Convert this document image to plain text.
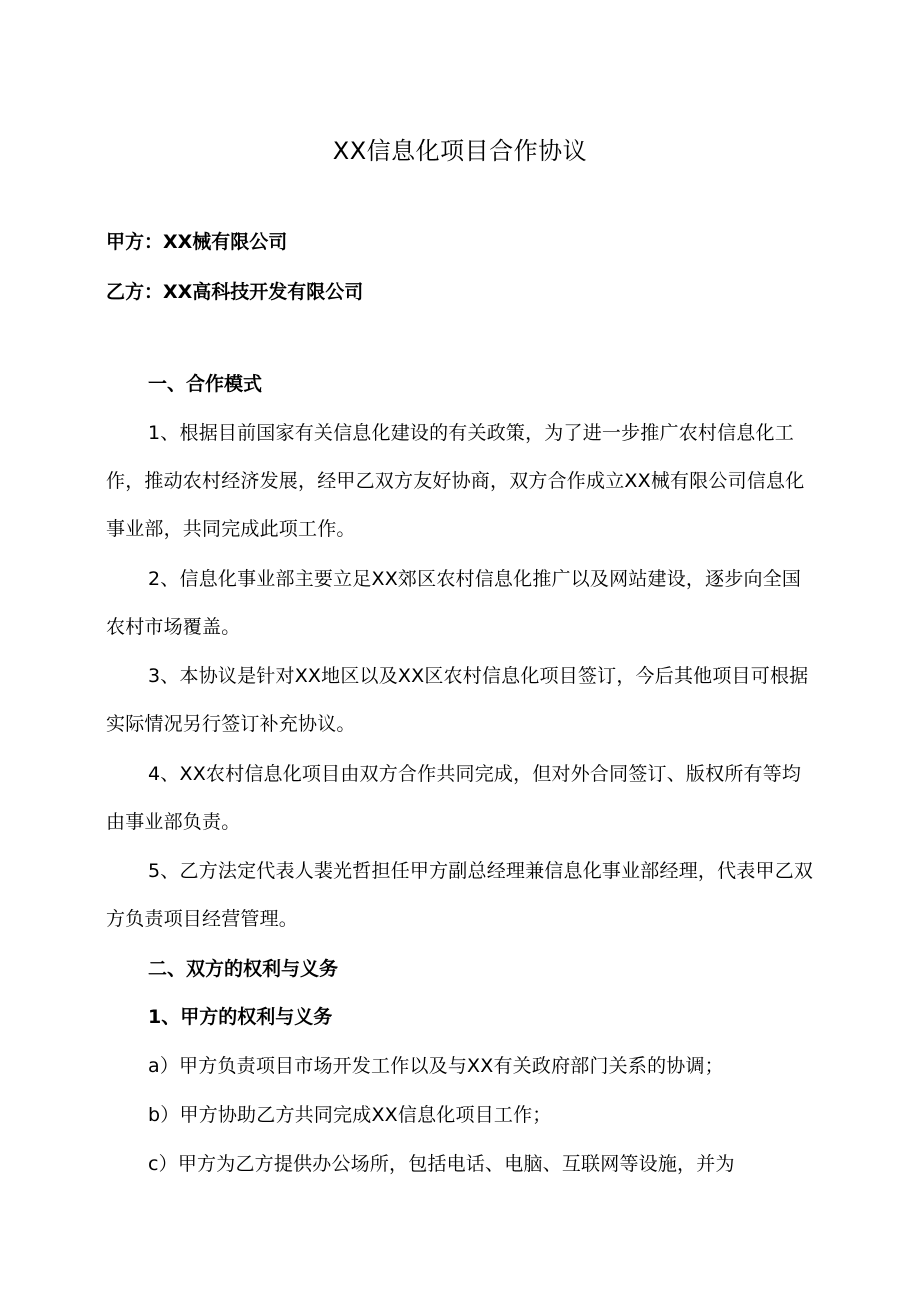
XX信息化项目合作协议
甲方：XX械有限公司
乙方：XX高科技开发有限公司
一、合作模式
1、根据目前国家有关信息化建设的有关政策，为了进一步推广农村信息化工作，推动农村经济发展，经甲乙双方友好协商，双方合作成立XX械有限公司信息化事业部，共同完成此项工作。
2、信息化事业部主要立足XX郊区农村信息化推广以及网站建设，逐步向全国农村市场覆盖。
3、本协议是针对XX地区以及XX区农村信息化项目签订，今后其他项目可根据实际情况另行签订补充协议。
4、XX农村信息化项目由双方合作共同完成，但对外合同签订、版权所有等均由事业部负责。
5、乙方法定代表人裴光哲担任甲方副总经理兼信息化事业部经理，代表甲乙双方负责项目经营管理。
二、双方的权利与义务
1、甲方的权利与义务
a）甲方负责项目市场开发工作以及与XX有关政府部门关系的协调；
b）甲方协助乙方共同完成XX信息化项目工作；
c）甲方为乙方提供办公场所，包括电话、电脑、互联网等设施，并为
